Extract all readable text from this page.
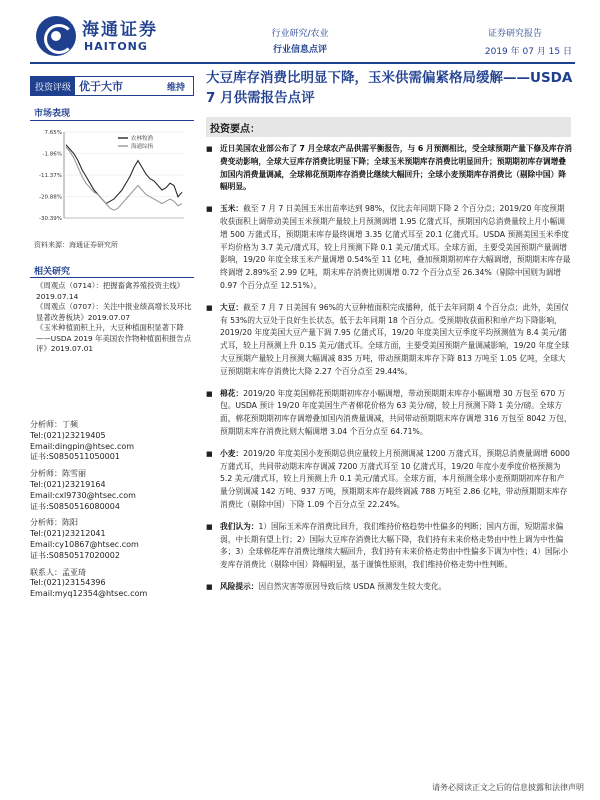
海通证券
HAITONG
行业研究/农业
行业信息点评
证券研究报告
2019 年 07 月 15 日
投资评级 优于大市	维持
大豆库存消费比明显下降，玉米供需偏紧格局缓解——USDA 7 月供需报告点评
市场表现
7.65%
-1.86%
-11.37%
-20.88%
-30.39%
农林牧渔
海通综指
资料来源：海通证券研究所
相关研究
《周观点（0714）：把握畜禽养殖投资主线》2019.07.14
《周观点（0707）：关注中报业绩高增长及环比显著改善板块》2019.07.07
《玉米种植面积上升，大豆种植面积显著下降——USDA 2019 年美国农作物种植面积报告点评》2019.07.01
分析师：丁频
Tel:(021)23219405
Email:dingpin@htsec.com
证书:S0850511050001
分析师：陈雪丽
Tel:(021)23219164
Email:cxl9730@htsec.com
证书:S0850516080004
分析师：陈阳
Tel:(021)23212041
Email:cy10867@htsec.com
证书:S0850517020002
联系人：孟亚琦
Tel:(021)23154396
Email:myq12354@htsec.com
投资要点：
■ 近日美国农业部公布了 7 月全球农产品供需平衡报告，与 6 月预测相比，受全球预期产量下修及库存消费变动影响，全球大豆库存消费比明显下降；全球玉米预期库存消费比明显回升；预期期初库存调增叠加国内消费量调减，全球棉花预期库存消费比继续大幅回升；全球小麦预期库存消费比（剔除中国）降幅明显。
■ 玉米：截至 7 月 7 日美国玉米出苗率达到 98%，仅比去年同期下降 2 个百分点；2019/20 年度预期收获面积上调带动美国玉米预期产量较上月预测调增 1.95 亿蒲式耳，预期国内总消费量较上月小幅调增 500 万蒲式耳，预期期末库存最终调增 3.35 亿蒲式耳至 20.1 亿蒲式耳。USDA 预测美国玉米季度平均价格为 3.7 美元/蒲式耳，较上月预测下降 0.1 美元/蒲式耳。全球方面，主要受美国预期产量调增影响，19/20 年度全球玉米产量调增 0.54%至 11 亿吨，叠加预期期初库存大幅调增，预期期末库存最终调增 2.89%至 2.99 亿吨，期末库存消费比则调增 0.72 个百分点至 26.34%（剔除中国则为调增 0.97 个百分点至 12.51%）。
■ 大豆：截至 7 月 7 日美国有 96%的大豆种植面积完成播种，低于去年同期 4 个百分点；此外，美国仅有 53%的大豆处于良好生长状态，低于去年同期 18 个百分点。受预期收获面积和单产均下降影响，2019/20 年度美国大豆产量下调 7.95 亿蒲式耳，19/20 年度美国大豆季度平均预测值为 8.4 美元/蒲式耳，较上月预测上升 0.15 美元/蒲式耳。全球方面，主要受美国预期产量调减影响，19/20 年度全球大豆预期产量较上月预测大幅调减 835 万吨，带动预期期末库存下降 813 万吨至 1.05 亿吨，全球大豆预期期末库存消费比大降 2.27 个百分点至 29.44%。
■ 棉花：2019/20 年度美国棉花预期期初库存小幅调增，带动预期期末库存小幅调增 30 万包至 670 万包。USDA 预计 19/20 年度美国生产者棉花价格为 63 美分/磅，较上月预测下降 1 美分/磅。全球方面，棉花预期期初库存调增叠加国内消费量调减，共同带动预期期末库存调增 316 万包至 8042 万包，预期期末库存消费比则大幅调增 3.04 个百分点至 64.71%。
■ 小麦：2019/20 年度美国小麦预期总供应量较上月预测调减 1200 万蒲式耳，预期总消费量调增 6000 万蒲式耳，共同带动期末库存调减 7200 万蒲式耳至 10 亿蒲式耳，19/20 年度小麦季度价格预测为 5.2 美元/蒲式耳，较上月预测上升 0.1 美元/蒲式耳。全球方面，本月预测全球小麦预期期初库存和产量分别调减 142 万吨、937 万吨，预期期末库存最终调减 788 万吨至 2.86 亿吨，带动预期期末库存消费比（剔除中国）下降 1.09 个百分点至 22.24%。
■ 我们认为：1）国际玉米库存消费比回升，我们维持价格趋势中性偏多的判断；国内方面，短期需求偏弱，中长期有望上行；2）国际大豆库存消费比大幅下降，我们持有未来价格走势由中性上调为中性偏多；3）全球棉花库存消费比继续大幅回升，我们持有未来价格走势由中性偏多下调为中性；4）国际小麦库存消费比（剔除中国）降幅明显，基于谨慎性原则，我们维持价格走势中性判断。
■ 风险提示：因自然灾害等原因导致后续 USDA 预测发生较大变化。
请务必阅读正文之后的信息披露和法律声明
